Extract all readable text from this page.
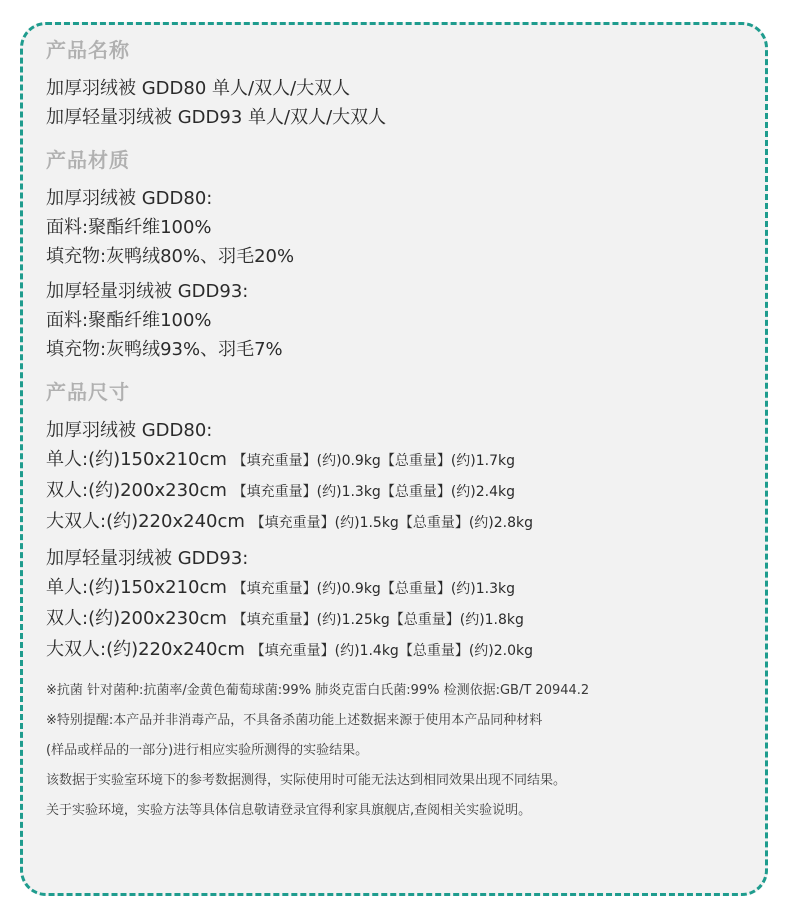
产品名称

加厚羽绒被 GDD80 单人/双人/大双人

加厚轻量羽绒被 GDD93 单人/双人/大双人

产品材质

加厚羽绒被 GDD80:

面料:聚酯纤维100%

填充物:灰鸭绒80%、羽毛20%

加厚轻量羽绒被 GDD93:

面料:聚酯纤维100%

填充物:灰鸭绒93%、羽毛7%

产品尺寸

加厚羽绒被 GDD80:

单人:(约)150x210cm 【填充重量】(约)0.9kg【总重量】(约)1.7kg

双人:(约)200x230cm 【填充重量】(约)1.3kg【总重量】(约)2.4kg

大双人:(约)220x240cm 【填充重量】(约)1.5kg【总重量】(约)2.8kg

加厚轻量羽绒被 GDD93:

单人:(约)150x210cm 【填充重量】(约)0.9kg【总重量】(约)1.3kg

双人:(约)200x230cm 【填充重量】(约)1.25kg【总重量】(约)1.8kg

大双人:(约)220x240cm 【填充重量】(约)1.4kg【总重量】(约)2.0kg

※抗菌 针对菌种:抗菌率/金黄色葡萄球菌:99% 肺炎克雷白氏菌:99% 检测依据:GB/T 20944.2

※特别提醒:本产品并非消毒产品，不具备杀菌功能上述数据来源于使用本产品同种材料

(样品或样品的一部分)进行相应实验所测得的实验结果。

该数据于实验室环境下的参考数据测得，实际使用时可能无法达到相同效果出现不同结果。

关于实验环境，实验方法等具体信息敬请登录宜得利家具旗舰店,查阅相关实验说明。
